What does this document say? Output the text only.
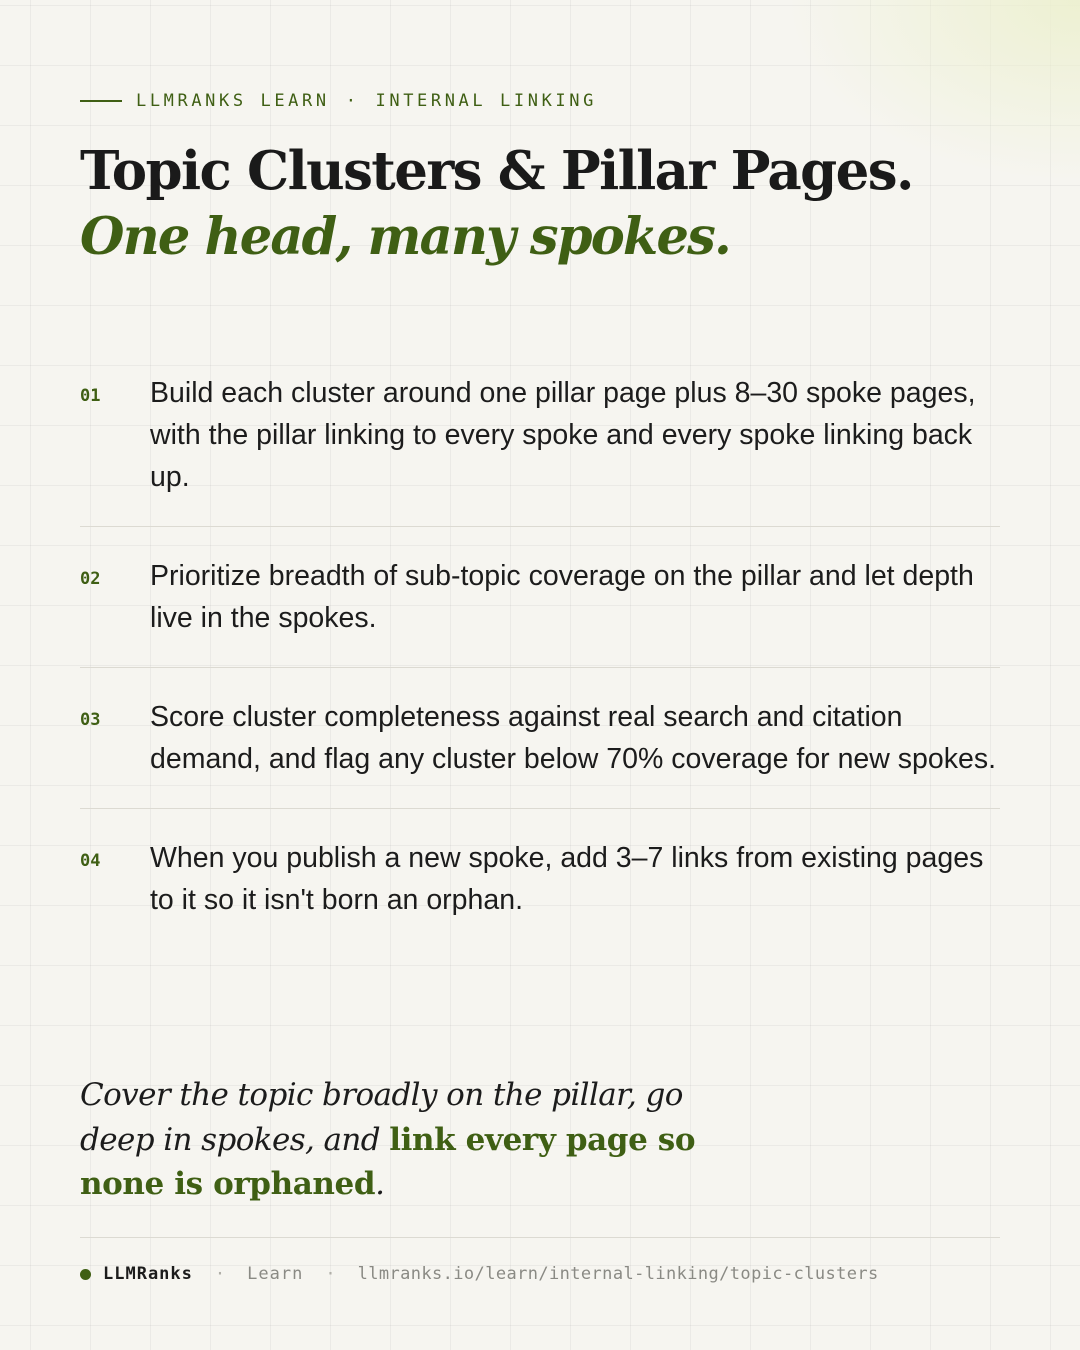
LLMRANKS LEARN · INTERNAL LINKING
Topic Clusters & Pillar Pages.
One head, many spokes.
01 Build each cluster around one pillar page plus 8–30 spoke pages, with the pillar linking to every spoke and every spoke linking back up.
02 Prioritize breadth of sub-topic coverage on the pillar and let depth live in the spokes.
03 Score cluster completeness against real search and citation demand, and flag any cluster below 70% coverage for new spokes.
04 When you publish a new spoke, add 3–7 links from existing pages to it so it isn't born an orphan.
Cover the topic broadly on the pillar, go deep in spokes, and link every page so none is orphaned.
LLMRanks · Learn · llmranks.io/learn/internal-linking/topic-clusters
